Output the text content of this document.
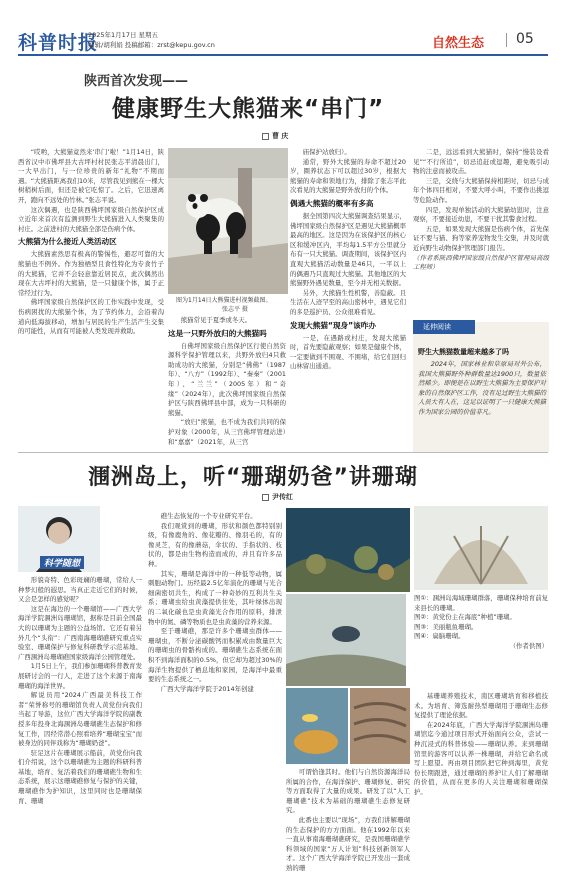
科普时报
2025年1月17日 星期五
编辑/胡利娟 投稿邮箱：zrst@kepu.gov.cn	自然生态 05
陕西首次发现——
健康野生大熊猫来“串门”
曹 庆

“哎哟，大熊猫竟然来‘串门’啦！”1月14日，陕西省汉中市佛坪县大古坪村村民张志平清晨出门，一大早出门，与一位珍贵的新年“礼物”不期而遇。“大熊猫距离我们10米，尽管我见到熊在一棵大树稍树后面，但还是被它吃惊了。之后，它迅速离开，跑向不远处的竹林。”张志平说。

这次偶遇，也是陕西佛坪国家级自然保护区成立近年来首次有监测到野生大熊猫进入人类聚集的村庄。之前进村的大熊猫全部是伤病个体。

大熊猫为什么接近人类活动区

大熊猫素然思有极高的警惕性，避忍可靠的大熊猫也不例外。作为独栖型且食性特化为专食竹子的大熊猫，它并不会轻意靠近居民点，此次偶然出现在大古坪村的大熊猫，是一只健康个体，属于正常经过行为。

佛坪国家级自然保护区的工作实践中发现，受伤病困扰的大熊猫个体，为了节约体力，会沿着沟道向低海拔移动，增加与居民的生产生活产生交集的可能性，从而有可能被人类发现并救助。

图为1月14日大熊猫进村视频截图。
张志平 摄

熊猫常见于夏季或冬天。

这是一只野外放归的大熊猫吗

自佛坪国家级自然保护区行使自然资源科学保护管理以来，共野外放归4只救助成功的大熊猫，分别是“佛佛”（1987年）、“八方”（1992年）、“秦秦”（2001年）、“兰兰”（2005年）和“奇缘”（2024年），此次佛坪国家级自然保护区与陕西佛坪县中部，成为一只科研的熊猫。

“放归”熊猫，也不成为我们共同的保护对象（2000年，从三宫佛坪管理站进）和“嘉嘉”（2021年，从三宫

庙保护站放归）。

通常，野外大熊猫的寿命不超过20岁，圈养状态下可以超过30岁，根据大熊猫的寿命和领地行为，排除了张志平此次看见的大熊猫是野外放归的个体。

偶遇大熊猫的概率有多高

据全国第四次大熊猫调查结果显示，佛坪国家级自然保护区是遇见大熊猫概率最高的地区。这是因为在该保护区的核心区和缓冲区内，平均每1.5平方公里就分布有一只大熊猫。调查期间，该保护区内直观大熊猫活动数量是46只，一平以上的偶遇乃只直观过大熊猫。其他地区的大熊猫野外遇见数量，至今并无相关数据。

另外，大熊猫生性机警，善隐蔽。且生活在人迹罕至的高山密林中，遇见它们的多是巡护员、公众很难看见。

发现大熊猫“现身”该咋办

一是，在遇路或村庄，发现大熊猫时，首先要隐蔽观察；如果是健康个体，一定要做到不围观、不围堵，给它们回归山林留出通道。

二是，远远看到大熊猫时，保持“慢装设看见”“不行所追”，切忌追赶或逗趣，避免吸引动物的注意而被攻击。

三是，交绕与大熊猫保持相距时，切忌与成年个体四目相对，不要大呼小叫，不要作出挑逗等危险动作。

四是，发现单独活动的大熊猫幼崽时，注意观察，不要接近幼崽，不要干扰其警食过程。

五是，如果发现大熊猫是伤病个体，首先保证不要与猫、狗等家养宠物发生交集，并及时就近向野生动物保护管理部门报告。

（作者系陕西佛坪国家级自然保护区管理局高级工程师）

延伸阅读
野生大熊猫数量超来越多了吗

2024年，国家林业和草原局对外公布，我国大熊猫野外种群数量达1900只，数量依然稀少。即便是在以野生大熊猫为主要保护对象的自然保护区工作，没有足过野生大熊猫的人员大有人在，这足以证明了一只健康大熊猫作为国家公园的价值非凡。

涠洲岛上，听“珊瑚奶爸”讲珊瑚
尹传红
科学随想

形貌奇特、色彩斑斓的珊瑚，常给人一种梦幻般的遐思。当真正走近它们的时候，又会是怎样的感觉呢？

这是在海边的一个珊瑚馆——广西大学海洋学院涠洲岛珊瑚馆，据称是目前全国最大的以珊瑚为主题的公益场馆。它还有着另外几个“头衔”：广西南海珊瑚礁研究重点实验室、珊瑚保护与修复科研教学示范基地、广西涠洲岛珊瑚礁国家级海洋公园管理处。

1月5日上午，我们参加珊瑚科普教育发展研讨会的一行人，走进了这个来源于南海珊瑚的海洋世界。

解说员用“2024广西最美科技工作者”荣誉称号的珊瑚馆负责人黄党份向我们当起了导游，这位广西大学海洋学院的副教授多年投身北海涠洲岛珊瑚礁生态保护和修复工作，因经常潜心照看培养“珊瑚宝宝”而被身边的同伴戏称为“珊瑚奶爸”。

驻足这片在珊瑚展示船前，黄党份向我们介绍说，这个以珊瑚礁为主题的科研科普基地，培育、复活着我们的珊瑚礁生物和生态系统，展示这珊瑚礁修复与保护的关键，珊瑚礁作为护知识，这里同时也是珊瑚保育、珊瑚

礁生态恢复的一个专业研究平台。

我们观赏到的珊瑚，形状和颜色都特别别级，有像鹿角的、像花瓣的、像羽毛的，有的像灵芝，有的像蘑菇，伞状的、手指状的、枝状的，都是由生物构造而成的，并且有许多品种。

其实，珊瑚是海洋中的一种低等动物，属刺胞动物门。历经最2.5亿年演化的珊瑚与光合细菌密切共生，构成了一种奇妙的互利共生关系；珊瑚虫给虫黄藻提供住处，其叶绿体出现的二氧化碳也是虫黄藻光合作用的原料，排泄物中的氮、磷等物质也是虫黄藻的营养来源。

至于珊瑚礁，那是许多个珊瑚虫群体——珊瑚虫，不断分泌碳酸钙而积累成由数量巨大的珊瑚虫的骨骼构成的。珊瑚礁生态系统在面积不到海洋面积的0.5%，但它却为超过30%的海洋生物提供了栖息地和家园，是海洋中最重要的生态系统之一。

广西大学海洋学院于2014年创建

图①：涠洲岛海域珊瑚群落，珊瑚保种培育前复来县长的珊瑚。

图②：黄党份主在海底“种植”珊瑚。

图③：美丽瓶鱼珊瑚。

图④：扁脑珊瑚。

（作者供图）

可谓恰逢其时。他们与自然资源海洋局所属的合作，在海洋保护、珊瑚修复、研究等方面取得了大量的成果。研发了以“人工珊瑚礁”技术为基础的珊瑚礁生态修复研究。

此番也主要以“现场”，方我们讲解珊瑚的生态保护的方方面面。他在1992年以来一直从事南海珊瑚礁研究，是我国珊瑚礁学科领域的国家“万人计划”科技创新领军人才。这个广西大学海洋学院已开发出一套成熟的珊

基珊瑚养殖技术，南区珊瑚培育和移植技术。为培育、筛选耐热型珊瑚用于珊瑚生态修复提供了理论依据。

在2024年底，广西大学海洋学院涠洲岛珊瑚馆迄今通过项目形式开始面向公众，尝试一种沉浸式的科普体验——珊瑚认养。来到珊瑚馆里的游客可以认养一株珊瑚，并给它命名或写上愿望。再由项目团队把它种到海里，黄党份长期跟进，通过珊瑚的养护让人们了解珊瑚的价值，从而在更多的人关注珊瑚和珊瑚保护。
